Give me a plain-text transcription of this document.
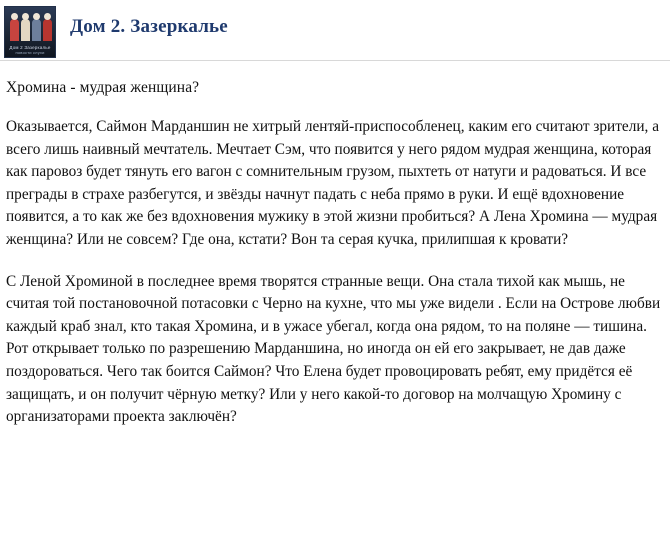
Дом 2 Зазеркалье
новости слухи
Дом 2. Зазеркалье
Хромина - мудрая женщина?

Оказывается, Саймон Марданшин не хитрый лентяй-приспособленец, каким его считают зрители, а всего лишь наивный мечтатель. Мечтает Сэм, что появится у него рядом мудрая женщина, которая как паровоз будет тянуть его вагон с сомнительным грузом, пыхтеть от натуги и радоваться. И все преграды в страхе разбегутся, и звёзды начнут падать с неба прямо в руки. И ещё вдохновение появится, а то как же без вдохновения мужику в этой жизни пробиться? А Лена Хромина — мудрая женщина? Или не совсем? Где она, кстати? Вон та серая кучка, прилипшая к кровати?

С Леной Хроминой в последнее время творятся странные вещи. Она стала тихой как мышь, не считая той постановочной потасовки с Черно на кухне, что мы уже видели . Если на Острове любви каждый краб знал, кто такая Хромина, и в ужасе убегал, когда она рядом, то на поляне — тишина. Рот открывает только по разрешению Марданшина, но иногда он ей его закрывает, не дав даже поздороваться. Чего так боится Саймон? Что Елена будет провоцировать ребят, ему придётся её защищать, и он получит чёрную метку? Или у него какой-то договор на молчащую Хромину с организаторами проекта заключён?
